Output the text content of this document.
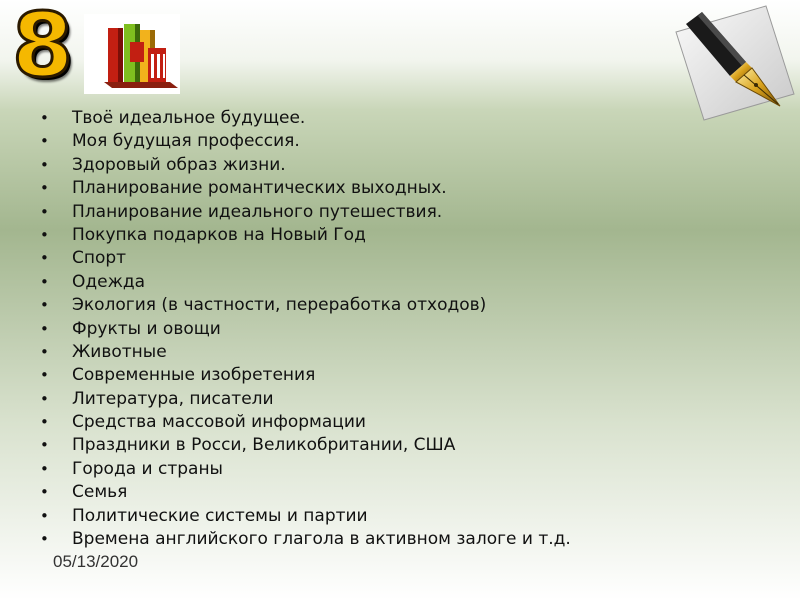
8
• Твоё идеальное будущее.
• Моя будущая профессия.
• Здоровый образ жизни.
• Планирование романтических выходных.
• Планирование идеального путешествия.
• Покупка подарков на Новый Год
• Спорт
• Одежда
• Экология (в частности, переработка отходов)
• Фрукты и овощи
• Животные
• Современные изобретения
• Литература, писатели
• Средства массовой информации
• Праздники в Росси, Великобритании, США
• Города и страны
• Семья
• Политические системы и партии
• Времена английского глагола в активном залоге и т.д.
05/13/2020
